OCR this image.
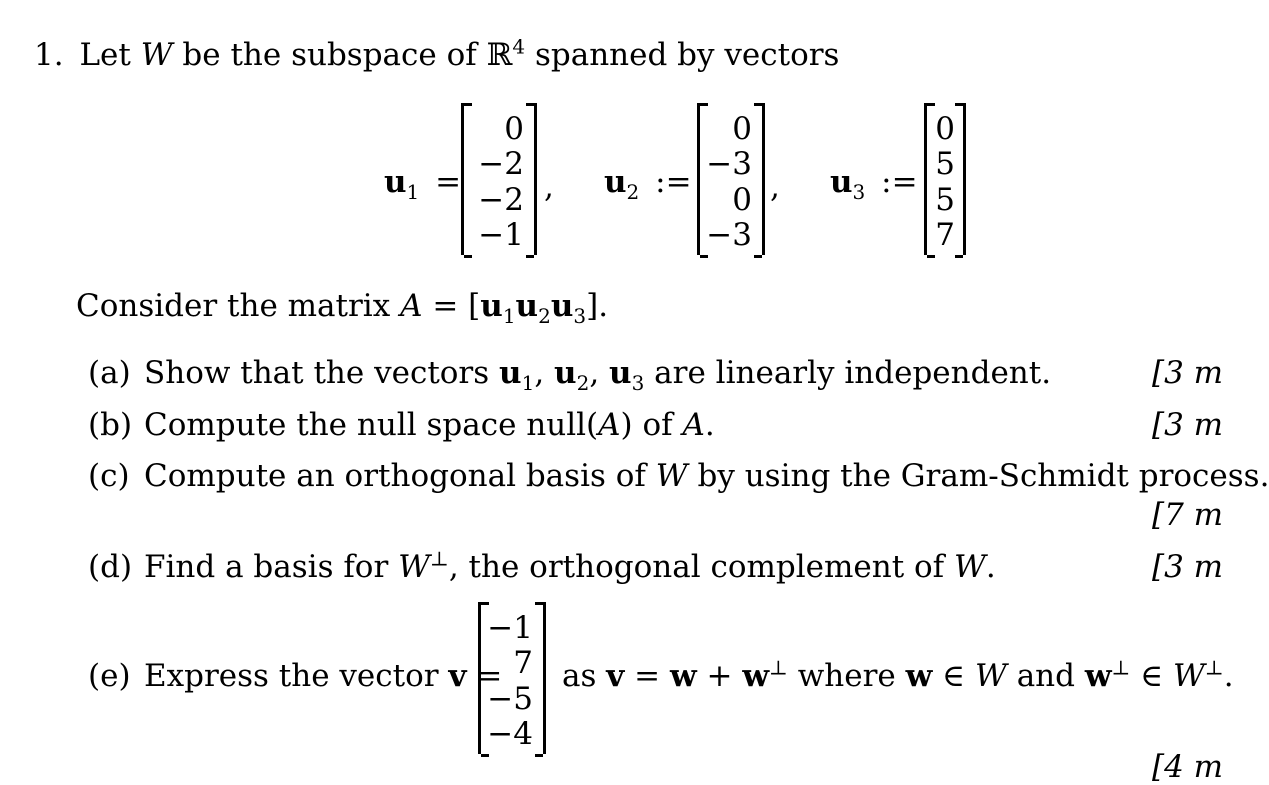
1. Let W be the subspace of ℝ$^4$ spanned by vectors
$u_1$ =
0
−2
−2
−1
, $u_2$ :=
0
−3
0
−3
, $u_3$ :=
0
5
5
7
Consider the matrix $A = [u_1u_2u_3]$.
(a) Show that the vectors $u_1$, $u_2$, $u_3$ are linearly independent.	[3 m
(b) Compute the null space null(A) of A.	[3 m
(c) Compute an orthogonal basis of W by using the Gram-Schmidt process.
[7 m
(d) Find a basis for W⊥, the orthogonal complement of W.	[3 m
(e) Express the vector v =
−1
7
−5
−4
as v = w + w⊥ where w ∈ W and w⊥ ∈ W⊥.
[4 m
